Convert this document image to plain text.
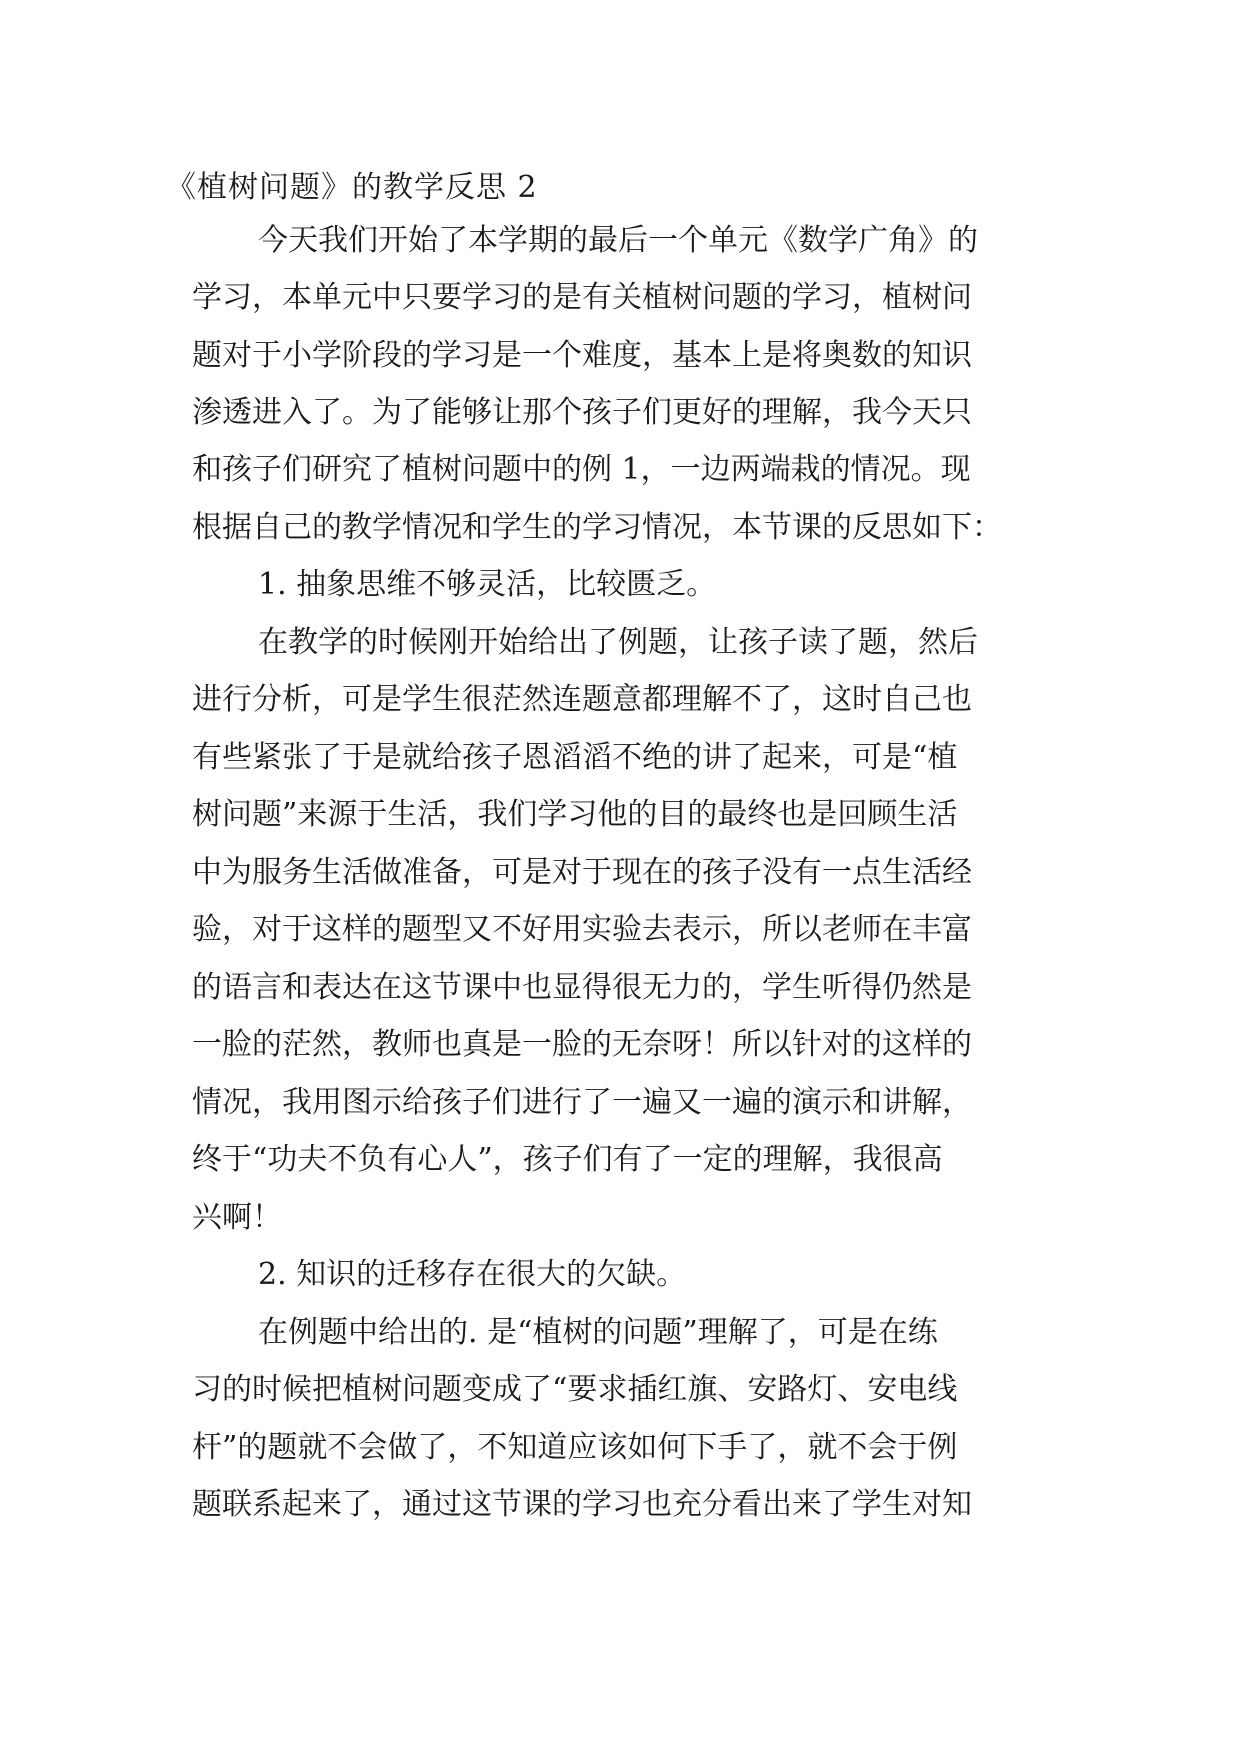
《植树问题》的教学反思 2
今天我们开始了本学期的最后一个单元《数学广角》的
学习，本单元中只要学习的是有关植树问题的学习，植树问
题对于小学阶段的学习是一个难度，基本上是将奥数的知识
渗透进入了。为了能够让那个孩子们更好的理解，我今天只
和孩子们研究了植树问题中的例 1，一边两端栽的情况。现
根据自己的教学情况和学生的学习情况，本节课的反思如下：
1. 抽象思维不够灵活，比较匮乏。
在教学的时候刚开始给出了例题，让孩子读了题，然后
进行分析，可是学生很茫然连题意都理解不了，这时自己也
有些紧张了于是就给孩子恩滔滔不绝的讲了起来，可是“植
树问题”来源于生活，我们学习他的目的最终也是回顾生活
中为服务生活做准备，可是对于现在的孩子没有一点生活经
验，对于这样的题型又不好用实验去表示，所以老师在丰富
的语言和表达在这节课中也显得很无力的，学生听得仍然是
一脸的茫然，教师也真是一脸的无奈呀！所以针对的这样的
情况，我用图示给孩子们进行了一遍又一遍的演示和讲解，
终于“功夫不负有心人”，孩子们有了一定的理解，我很高
兴啊！
2. 知识的迁移存在很大的欠缺。
在例题中给出的. 是“植树的问题”理解了，可是在练
习的时候把植树问题变成了“要求插红旗、安路灯、安电线
杆”的题就不会做了，不知道应该如何下手了，就不会于例
题联系起来了，通过这节课的学习也充分看出来了学生对知
